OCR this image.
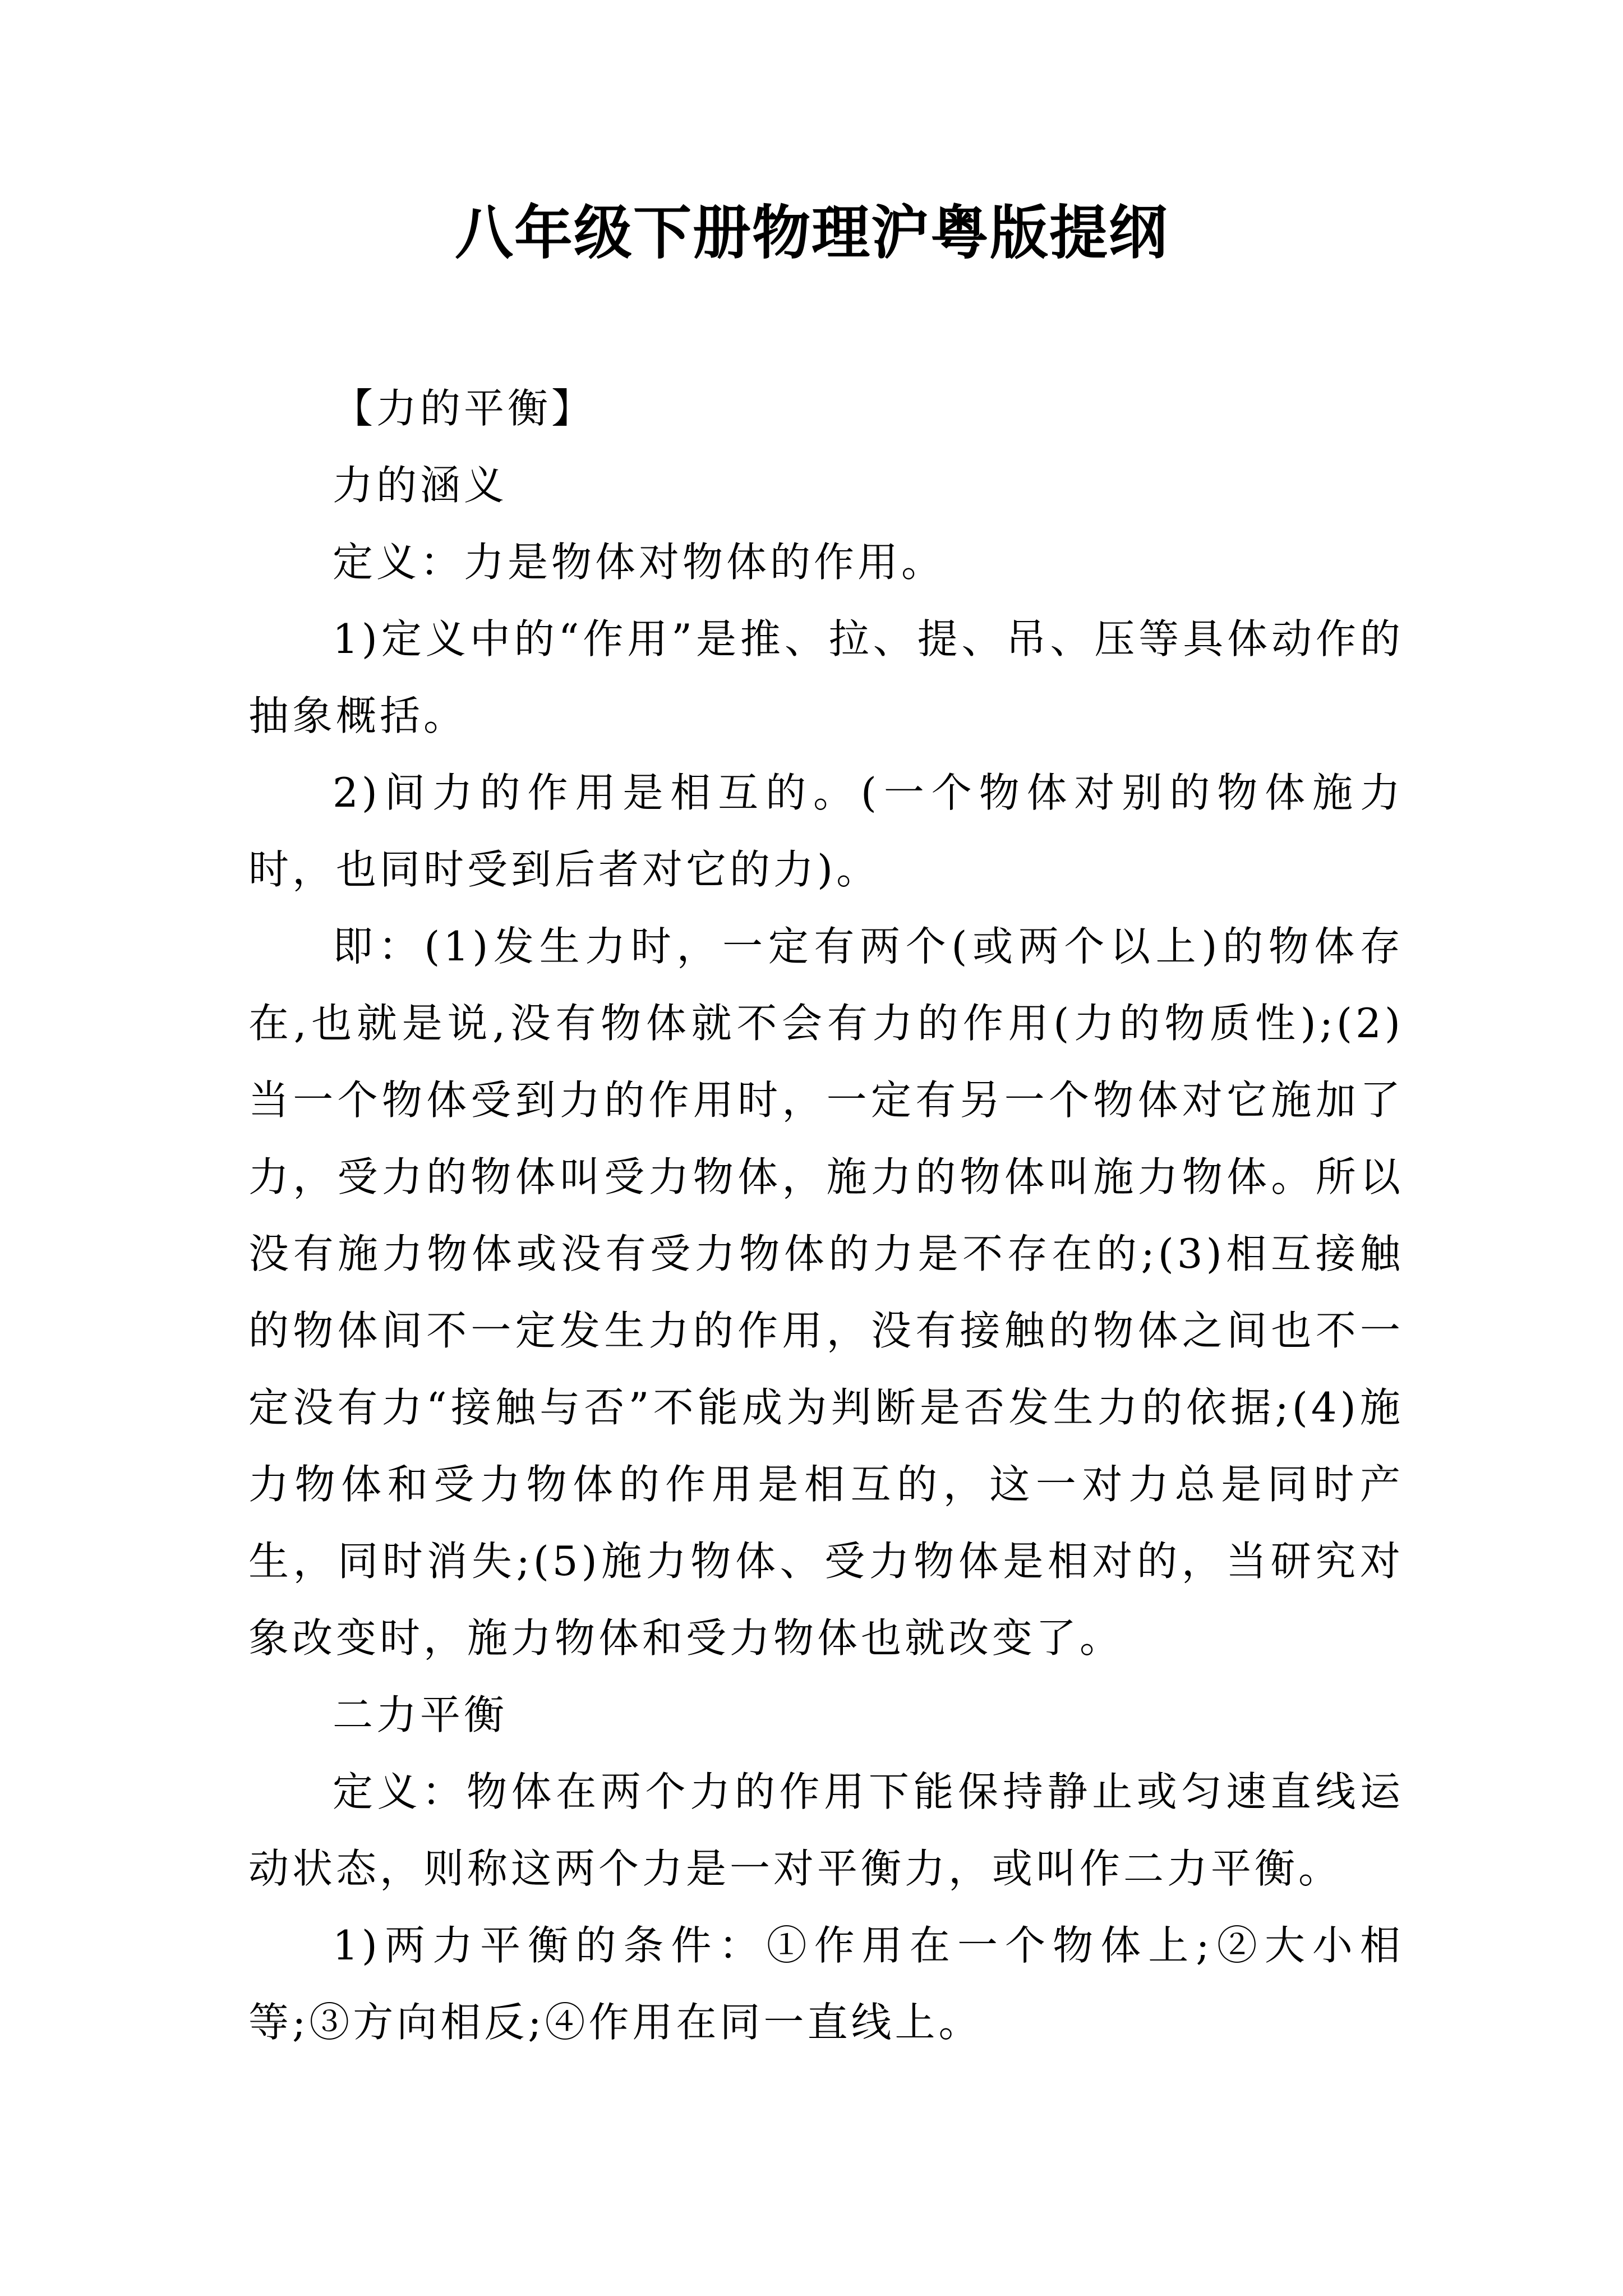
八年级下册物理沪粤版提纲

【力的平衡】

力的涵义

定义：力是物体对物体的作用。

1)定义中的“作用”是推、拉、提、吊、压等具体动作的抽象概括。

2)间力的作用是相互的。(一个物体对别的物体施力时，也同时受到后者对它的力)。

即：(1)发生力时，一定有两个(或两个以上)的物体存在,也就是说,没有物体就不会有力的作用(力的物质性);(2)当一个物体受到力的作用时，一定有另一个物体对它施加了力，受力的物体叫受力物体，施力的物体叫施力物体。所以没有施力物体或没有受力物体的力是不存在的;(3)相互接触的物体间不一定发生力的作用，没有接触的物体之间也不一定没有力“接触与否”不能成为判断是否发生力的依据;(4)施力物体和受力物体的作用是相互的，这一对力总是同时产生，同时消失;(5)施力物体、受力物体是相对的，当研究对象改变时，施力物体和受力物体也就改变了。

二力平衡

定义：物体在两个力的作用下能保持静止或匀速直线运动状态，则称这两个力是一对平衡力，或叫作二力平衡。

1)两力平衡的条件：①作用在一个物体上;②大小相等;③方向相反;④作用在同一直线上。
